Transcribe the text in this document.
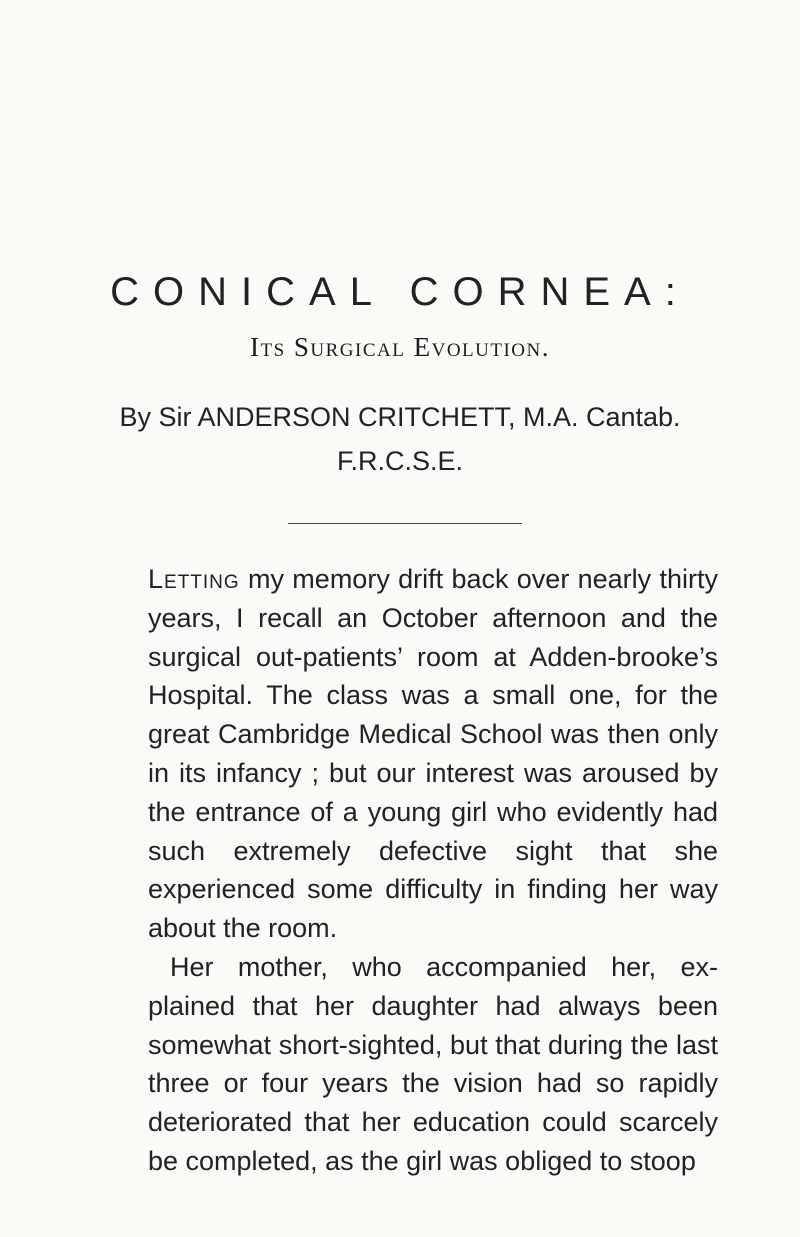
CONICAL CORNEA:
Its Surgical Evolution.
By Sir ANDERSON CRITCHETT, M.A. Cantab.
F.R.C.S.E.

Letting my memory drift back over nearly thirty years, I recall an October afternoon and the surgical out-patients’ room at Adden-brooke’s Hospital. The class was a small one, for the great Cambridge Medical School was then only in its infancy ; but our interest was aroused by the entrance of a young girl who evidently had such extremely defective sight that she experienced some difficulty in finding her way about the room.

Her mother, who accompanied her, ex-plained that her daughter had always been somewhat short-sighted, but that during the last three or four years the vision had so rapidly deteriorated that her education could scarcely be completed, as the girl was obliged to stoop
